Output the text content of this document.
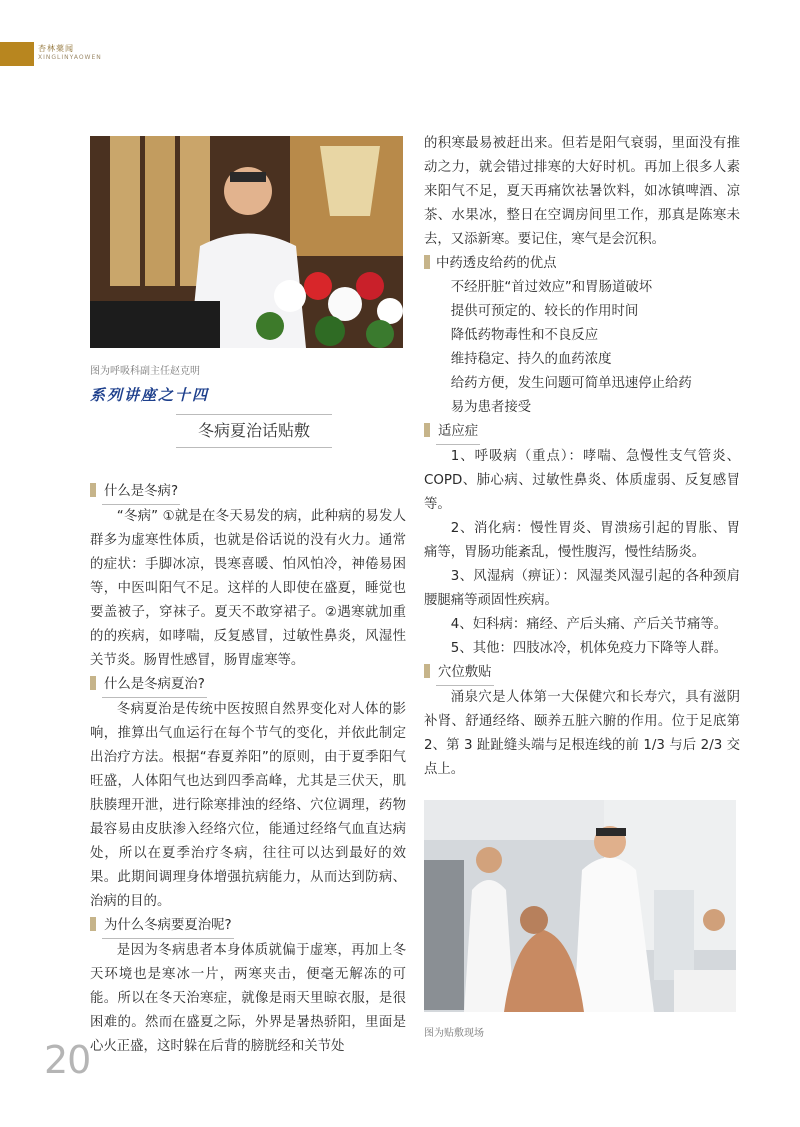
杏林薬闻
XINGLINYAOWEN
图为呼吸科副主任赵克明
系列讲座之十四
冬病夏治话贴敷

什么是冬病?

“冬病” ①就是在冬天易发的病，此种病的易发人群多为虚寒性体质，也就是俗话说的没有火力。通常的症状：手脚冰凉，畏寒喜暖、怕风怕冷，神倦易困等，中医叫阳气不足。这样的人即使在盛夏，睡觉也要盖被子，穿袜子。夏天不敢穿裙子。②遇寒就加重的的疾病，如哮喘，反复感冒，过敏性鼻炎，风湿性关节炎。肠胃性感冒，肠胃虚寒等。

什么是冬病夏治?

冬病夏治是传统中医按照自然界变化对人体的影响，推算出气血运行在每个节气的变化，并依此制定出治疗方法。根据“春夏养阳”的原则，由于夏季阳气旺盛，人体阳气也达到四季高峰，尤其是三伏天，肌肤腠理开泄，进行除寒排浊的经络、穴位调理，药物最容易由皮肤渗入经络穴位，能通过经络气血直达病处，所以在夏季治疗冬病，往往可以达到最好的效果。此期间调理身体增强抗病能力，从而达到防病、治病的目的。

为什么冬病要夏治呢?

是因为冬病患者本身体质就偏于虚寒，再加上冬天环境也是寒冰一片，两寒夹击，便毫无解冻的可能。所以在冬天治寒症，就像是雨天里晾衣服，是很困难的。然而在盛夏之际，外界是暑热骄阳，里面是心火正盛，这时躲在后背的膀胱经和关节处

的积寒最易被赶出来。但若是阳气衰弱，里面没有推动之力，就会错过排寒的大好时机。再加上很多人素来阳气不足，夏天再痛饮祛暑饮料，如冰镇啤酒、凉茶、水果冰，整日在空调房间里工作，那真是陈寒未去，又添新寒。要记住，寒气是会沉积。

中药透皮给药的优点

不经肝脏“首过效应”和胃肠道破坏

提供可预定的、较长的作用时间

降低药物毒性和不良反应

维持稳定、持久的血药浓度

给药方便，发生问题可简单迅速停止给药

易为患者接受

适应症

1、呼吸病（重点）：哮喘、急慢性支气管炎、COPD、肺心病、过敏性鼻炎、体质虚弱、反复感冒等。

2、消化病：慢性胃炎、胃溃疡引起的胃胀、胃痛等，胃肠功能紊乱，慢性腹泻，慢性结肠炎。

3、风湿病（痹证）：风湿类风湿引起的各种颈肩腰腿痛等顽固性疾病。

4、妇科病：痛经、产后头痛、产后关节痛等。

5、其他：四肢冰冷，机体免疫力下降等人群。

穴位敷贴

涌泉穴是人体第一大保健穴和长寿穴，具有滋阴补肾、舒通经络、颐养五脏六腑的作用。位于足底第 2、第 3 趾趾缝头端与足根连线的前 1/3 与后 2/3 交点上。

图为贴敷现场
20
